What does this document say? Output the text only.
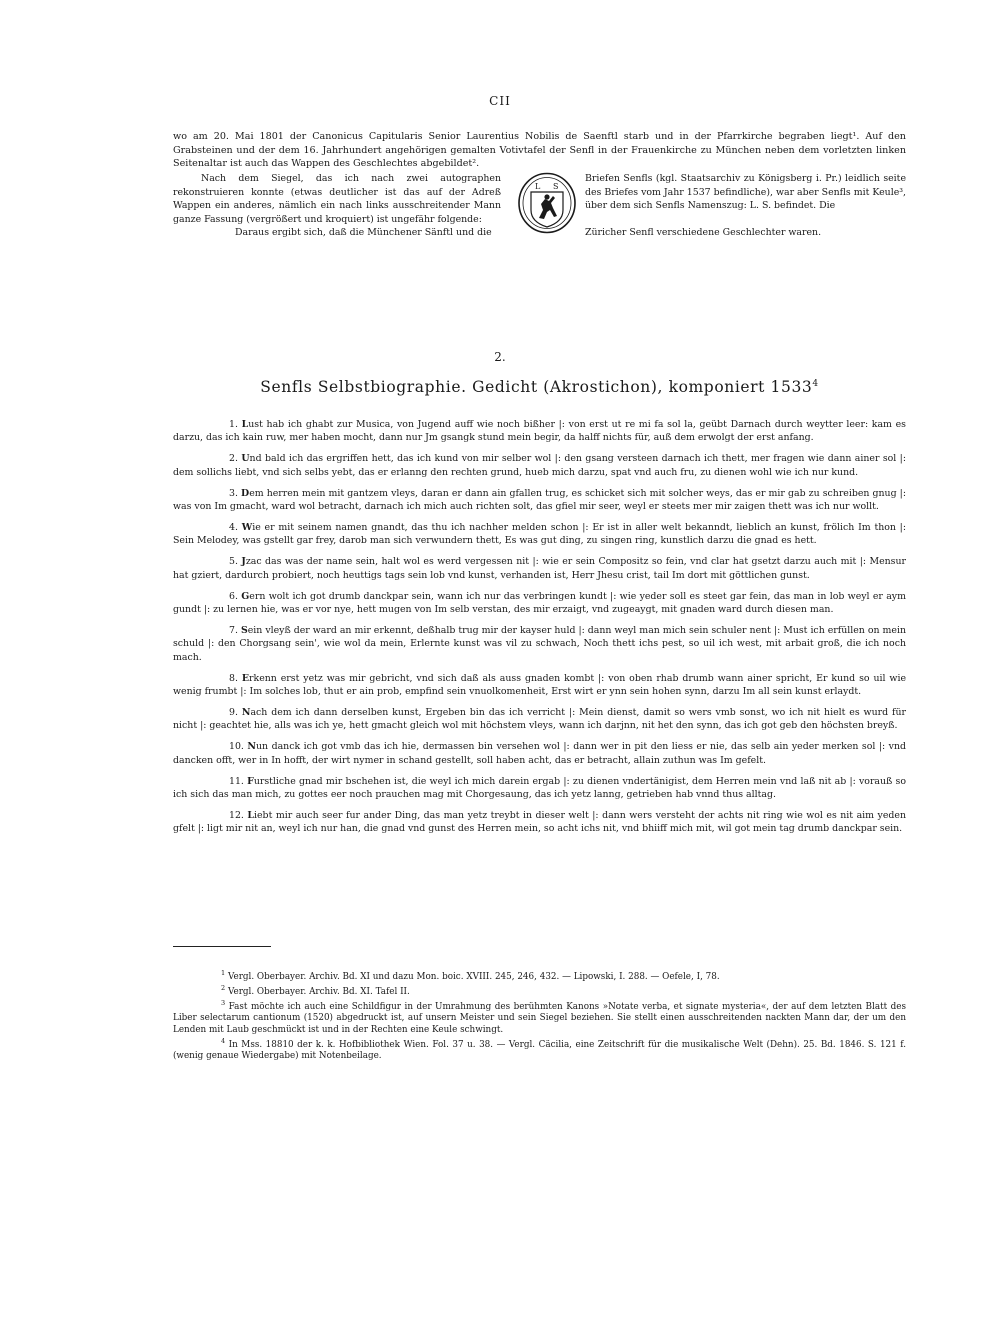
CII

wo am 20. Mai 1801 der Canonicus Capitularis Senior Laurentius Nobilis de Saenftl starb und in der Pfarrkirche begraben liegt¹. Auf den Grabsteinen und der dem 16. Jahrhundert angehörigen gemalten Votivtafel der Senfl in der Frauenkirche zu München neben dem vorletzten linken Seitenaltar ist auch das Wappen des Geschlechtes abgebildet².

Nach dem Siegel, das ich nach zwei autographen rekonstruieren konnte (etwas deutlicher ist das auf der Adreß Wappen ein anderes, nämlich ein nach links ausschreitender Mann ganze Fassung (vergrößert und kroquiert) ist ungefähr folgende:

Daraus ergibt sich, daß die Münchener Sänftl und die

L S

Briefen Senfls (kgl. Staatsarchiv zu Königsberg i. Pr.) leidlich seite des Briefes vom Jahr 1537 befindliche), war aber Senfls mit Keule³, über dem sich Senfls Namenszug: L. S. befindet. Die

Züricher Senfl verschiedene Geschlechter waren.

2.
Senfls Selbstbiographie. Gedicht (Akrostichon), komponiert 1533$^4$

1. Lust hab ich ghabt zur Musica, von Jugend auff wie noch bißher |: von erst ut re mi fa sol la, geübt Darnach durch weytter leer: kam es darzu, das ich kain ruw, mer haben mocht, dann nur Jm gsangk stund mein begir, da halff nichts für, auß dem erwolgt der erst anfang.

2. Und bald ich das ergriffen hett, das ich kund von mir selber wol |: den gsang versteen darnach ich thett, mer fragen wie dann ainer sol |: dem sollichs liebt, vnd sich selbs yebt, das er erlanng den rechten grund, hueb mich darzu, spat vnd auch fru, zu dienen wohl wie ich nur kund.

3. Dem herren mein mit gantzem vleys, daran er dann ain gfallen trug, es schicket sich mit solcher weys, das er mir gab zu schreiben gnug |: was von Im gmacht, ward wol betracht, darnach ich mich auch richten solt, das gfiel mir seer, weyl er steets mer mir zaigen thett was ich nur wollt.

4. Wie er mit seinem namen gnandt, das thu ich nachher melden schon |: Er ist in aller welt bekanndt, lieblich an kunst, frölich Im thon |: Sein Melodey, was gstellt gar frey, darob man sich verwundern thett, Es was gut ding, zu singen ring, kunstlich darzu die gnad es hett.

5. Jzac das was der name sein, halt wol es werd vergessen nit |: wie er sein Compositz so fein, vnd clar hat gsetzt darzu auch mit |: Mensur hat gziert, dardurch probiert, noch heuttigs tags sein lob vnd kunst, verhanden ist, Herr Jhesu crist, tail Im dort mit göttlichen gunst.

6. Gern wolt ich got drumb danckpar sein, wann ich nur das verbringen kundt |: wie yeder soll es steet gar fein, das man in lob weyl er aym gundt |: zu lernen hie, was er vor nye, hett mugen von Im selb verstan, des mir erzaigt, vnd zugeaygt, mit gnaden ward durch diesen man.

7. Sein vleyß der ward an mir erkennt, deßhalb trug mir der kayser huld |: dann weyl man mich sein schuler nent |: Must ich erfüllen on mein schuld |: den Chorgsang sein', wie wol da mein, Erlernte kunst was vil zu schwach, Noch thett ichs pest, so uil ich west, mit arbait groß, die ich noch mach.

8. Erkenn erst yetz was mir gebricht, vnd sich daß als auss gnaden kombt |: von oben rhab drumb wann ainer spricht, Er kund so uil wie wenig frumbt |: Im solches lob, thut er ain prob, empfind sein vnuolkomenheit, Erst wirt er ynn sein hohen synn, darzu Im all sein kunst erlaydt.

9. Nach dem ich dann derselben kunst, Ergeben bin das ich verricht |: Mein dienst, damit so wers vmb sonst, wo ich nit hielt es wurd für nicht |: geachtet hie, alls was ich ye, hett gmacht gleich wol mit höchstem vleys, wann ich darjnn, nit het den synn, das ich got geb den höchsten breyß.

10. Nun danck ich got vmb das ich hie, dermassen bin versehen wol |: dann wer in pit den liess er nie, das selb ain yeder merken sol |: vnd dancken offt, wer in In hofft, der wirt nymer in schand gestellt, soll haben acht, das er betracht, allain zuthun was Im gefelt.

11. Furstliche gnad mir bschehen ist, die weyl ich mich darein ergab |: zu dienen vndertänigist, dem Herren mein vnd laß nit ab |: vorauß so ich sich das man mich, zu gottes eer noch prauchen mag mit Chorgesaung, das ich yetz lanng, getrieben hab vnnd thus alltag.

12. Liebt mir auch seer fur ander Ding, das man yetz treybt in dieser welt |: dann wers versteht der achts nit ring wie wol es nit aim yeden gfelt |: ligt mir nit an, weyl ich nur han, die gnad vnd gunst des Herren mein, so acht ichs nit, vnd bhiiff mich mit, wil got mein tag drumb danckpar sein.

$^1$ Vergl. Oberbayer. Archiv. Bd. XI und dazu Mon. boic. XVIII. 245, 246, 432. — Lipowski, I. 288. — Oefele, I, 78.

$^2$ Vergl. Oberbayer. Archiv. Bd. XI. Tafel II.

$^3$ Fast möchte ich auch eine Schildfigur in der Umrahmung des berühmten Kanons »Notate verba, et signate mysteria«, der auf dem letzten Blatt des Liber selectarum cantionum (1520) abgedruckt ist, auf unsern Meister und sein Siegel beziehen. Sie stellt einen ausschreitenden nackten Mann dar, der um den Lenden mit Laub geschmückt ist und in der Rechten eine Keule schwingt.

$^4$ In Mss. 18810 der k. k. Hofbibliothek Wien. Fol. 37 u. 38. — Vergl. Cäcilia, eine Zeitschrift für die musikalische Welt (Dehn). 25. Bd. 1846. S. 121 f. (wenig genaue Wiedergabe) mit Notenbeilage.
